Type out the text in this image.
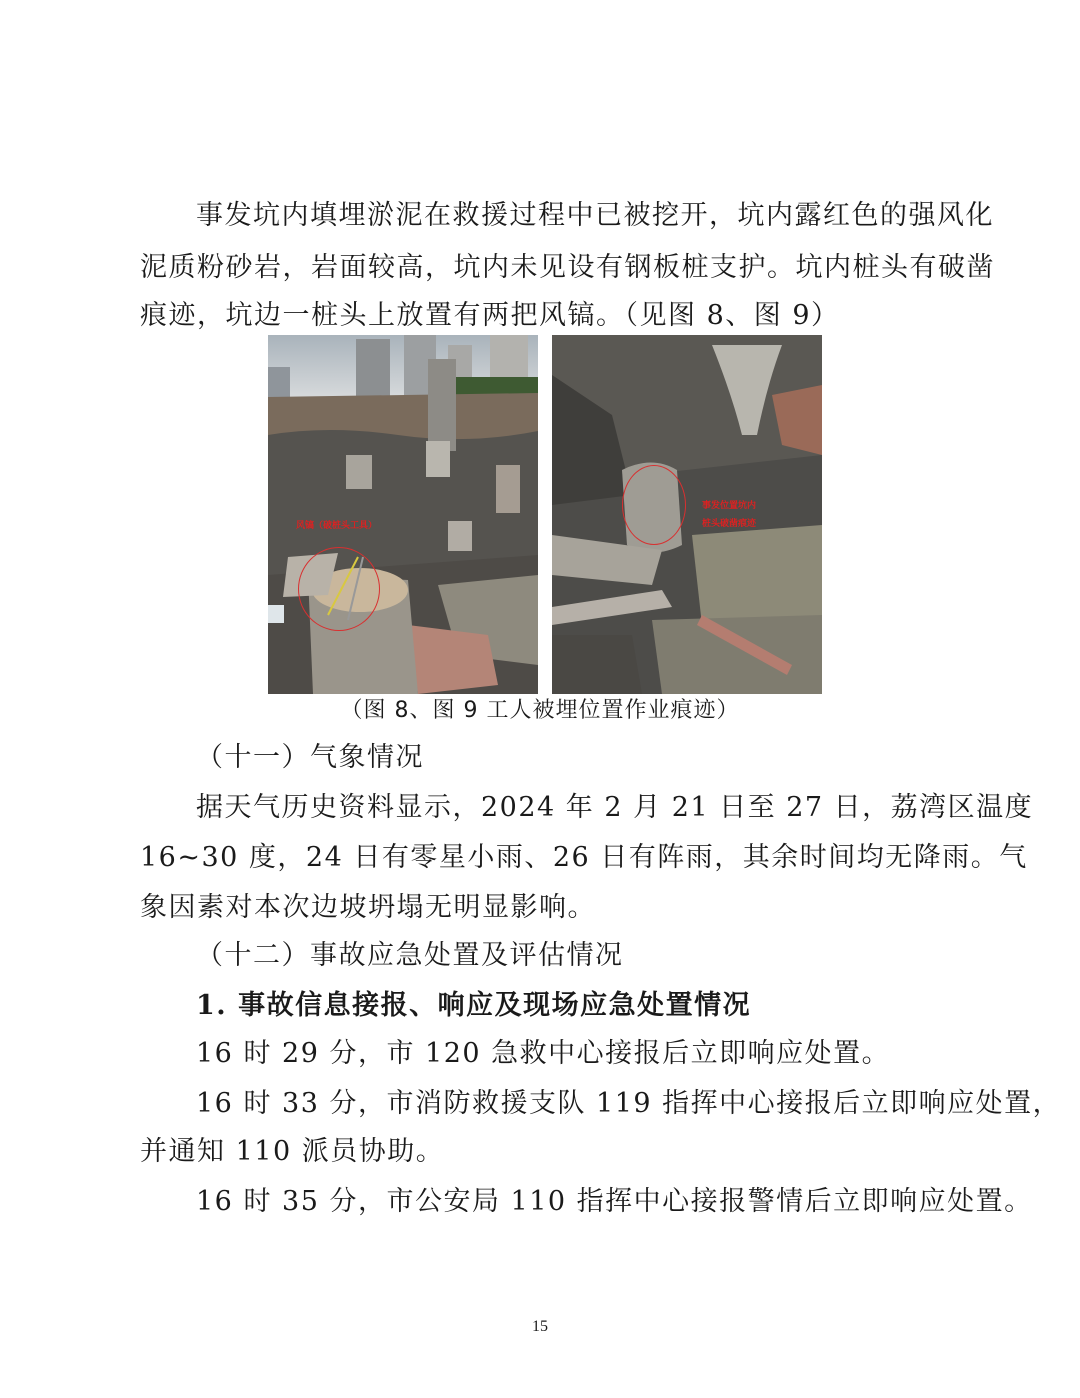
事发坑内填埋淤泥在救援过程中已被挖开，坑内露红色的强风化
泥质粉砂岩，岩面较高，坑内未见设有钢板桩支护。坑内桩头有破凿
痕迹，坑边一桩头上放置有两把风镐。（见图 8、图 9）
风镐（破桩头工具）
事发位置坑内
桩头破凿痕迹
（图 8、图 9 工人被埋位置作业痕迹）
（十一）气象情况
据天气历史资料显示，2024 年 2 月 21 日至 27 日，荔湾区温度
16~30 度，24 日有零星小雨、26 日有阵雨，其余时间均无降雨。气
象因素对本次边坡坍塌无明显影响。
（十二）事故应急处置及评估情况
1. 事故信息接报、响应及现场应急处置情况
16 时 29 分，市 120 急救中心接报后立即响应处置。
16 时 33 分，市消防救援支队 119 指挥中心接报后立即响应处置，
并通知 110 派员协助。
16 时 35 分，市公安局 110 指挥中心接报警情后立即响应处置。
15
